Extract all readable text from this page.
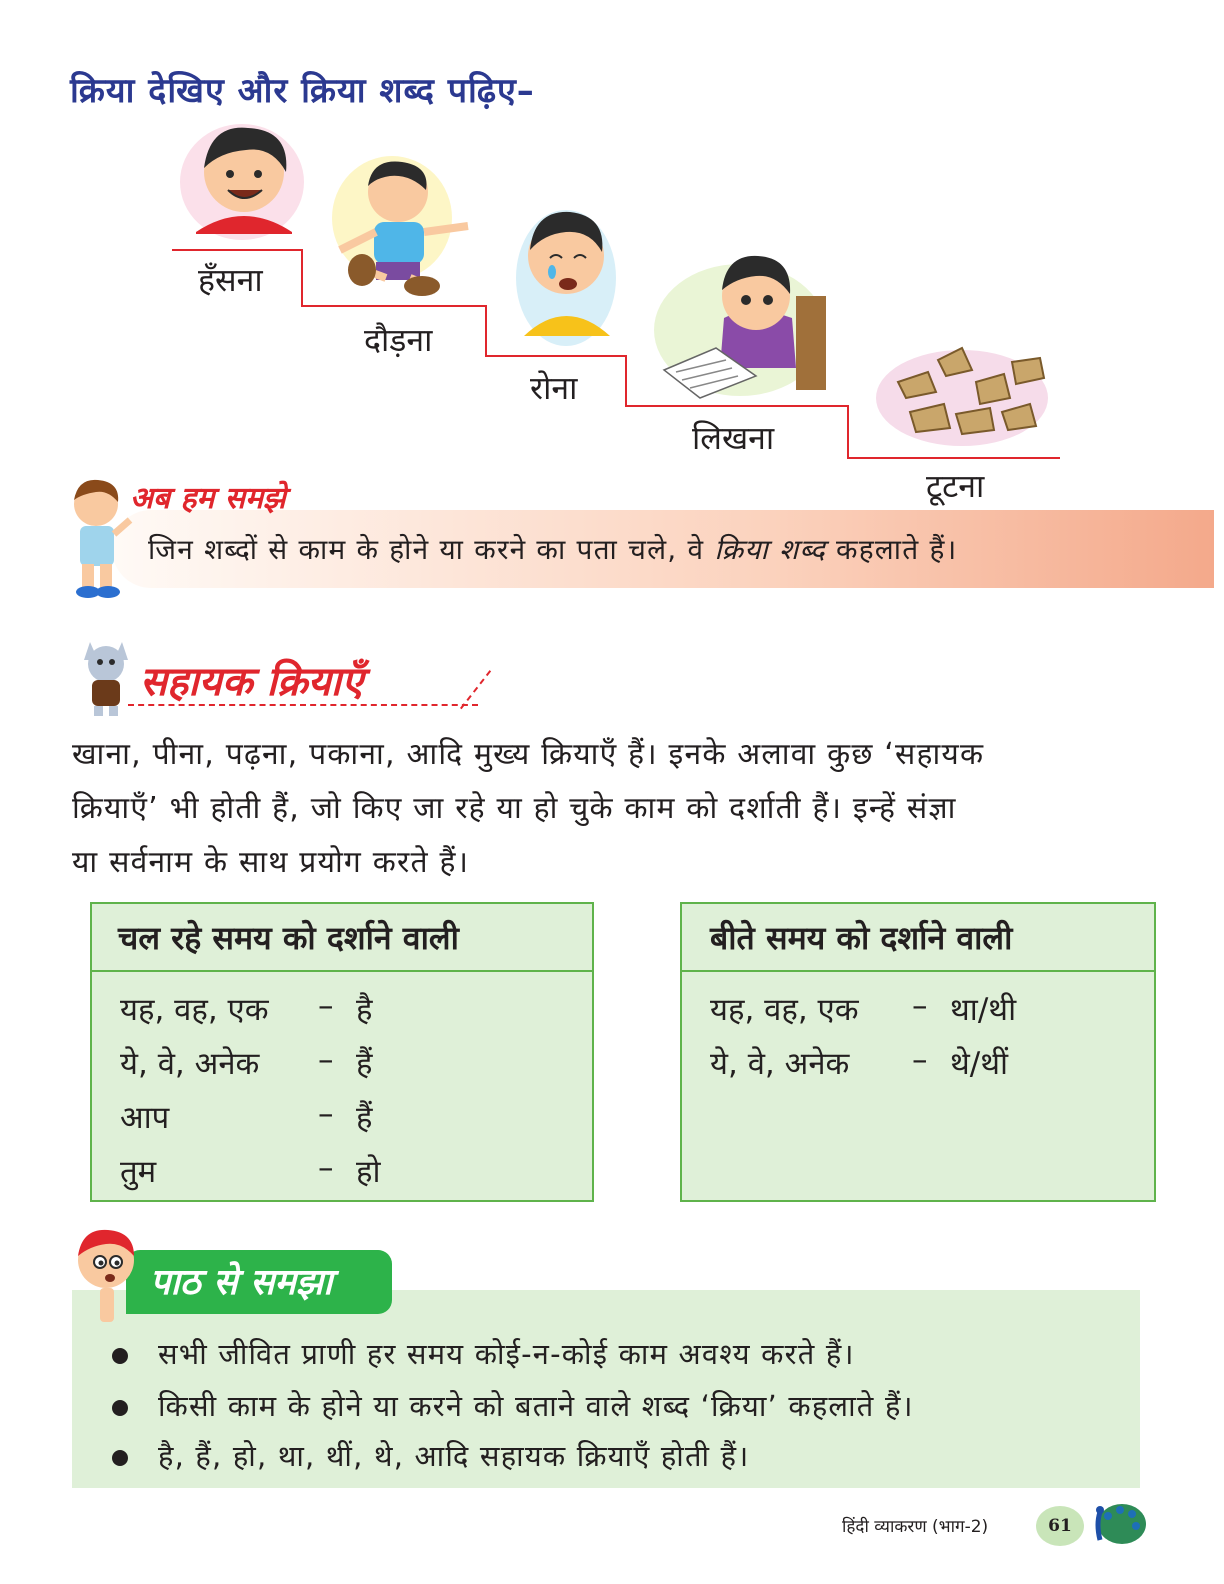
क्रिया देखिए और क्रिया शब्द पढ़िए–
हँसना
दौड़ना
रोना
लिखना
टूटना
अब हम समझे
जिन शब्दों से काम के होने या करने का पता चले, वे क्रिया शब्द कहलाते हैं।
सहायक क्रियाएँ
खाना, पीना, पढ़ना, पकाना, आदि मुख्य क्रियाएँ हैं। इनके अलावा कुछ ‘सहायक
क्रियाएँ’ भी होती हैं, जो किए जा रहे या हो चुके काम को दर्शाती हैं। इन्हें संज्ञा
या सर्वनाम के साथ प्रयोग करते हैं।
चल रहे समय को दर्शाने वाली
यह, वह, एक – है
ये, वे, अनेक – हैं
आप	– हैं
तुम	– हो
बीते समय को दर्शाने वाली
यह, वह, एक – था/थी
ये, वे, अनेक – थे/थीं
पाठ से समझा
सभी जीवित प्राणी हर समय कोई-न-कोई काम अवश्य करते हैं।
किसी काम के होने या करने को बताने वाले शब्द ‘क्रिया’ कहलाते हैं।
है, हैं, हो, था, थीं, थे, आदि सहायक क्रियाएँ होती हैं।
हिंदी व्याकरण (भाग-2)	61
